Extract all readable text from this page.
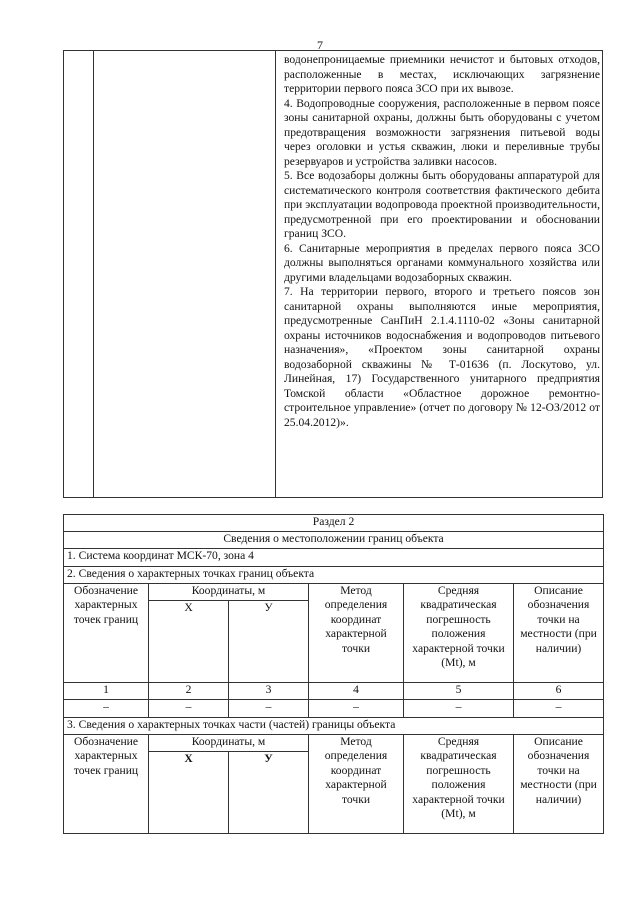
7

водонепроницаемые приемники нечистот и бытовых отходов, расположенные в местах, исключающих загрязнение территории первого пояса ЗСО при их вывозе.

4. Водопроводные сооружения, расположенные в первом поясе зоны санитарной охраны, должны быть оборудованы с учетом предотвращения возможности загрязнения питьевой воды через оголовки и устья скважин, люки и переливные трубы резервуаров и устройства заливки насосов.

5. Все водозаборы должны быть оборудованы аппаратурой для систематического контроля соответствия фактического дебита при эксплуатации водопровода проектной производительности, предусмотренной при его проектировании и обосновании границ ЗСО.

6. Санитарные мероприятия в пределах первого пояса ЗСО должны выполняться органами коммунального хозяйства или другими владельцами водозаборных скважин.

7. На территории первого, второго и третьего поясов зон санитарной охраны выполняются иные мероприятия, предусмотренные СанПиН 2.1.4.1110-02 «Зоны санитарной охраны источников водоснабжения и водопроводов питьевого назначения», «Проектом зоны санитарной охраны водозаборной скважины № Т-01636 (п. Лоскутово, ул. Линейная, 17) Государственного унитарного предприятия Томской области «Областное дорожное ремонтно-строительное управление» (отчет по договору № 12-ОЗ/2012 от 25.04.2012)».

Раздел 2					
Сведения о местоположении границ объекта					
1. Система координат МСК-70, зона 4					
2. Сведения о характерных точках границ объекта					
Обозначение характерных точек границ	Координаты, м		Метод определения координат характерной точки	Средняя квадратическая погрешность положения характерной точки (Mt), м	Описание обозначения точки на местности (при наличии)
	X	У			
1	2	3	4	5	6
–	–	–	–	–	–
3. Сведения о характерных точках части (частей) границы объекта					
Обозначение характерных точек границ	Координаты, м		Метод определения координат характерной точки	Средняя квадратическая погрешность положения характерной точки (Mt), м	Описание обозначения точки на местности (при наличии)
	X	У			
